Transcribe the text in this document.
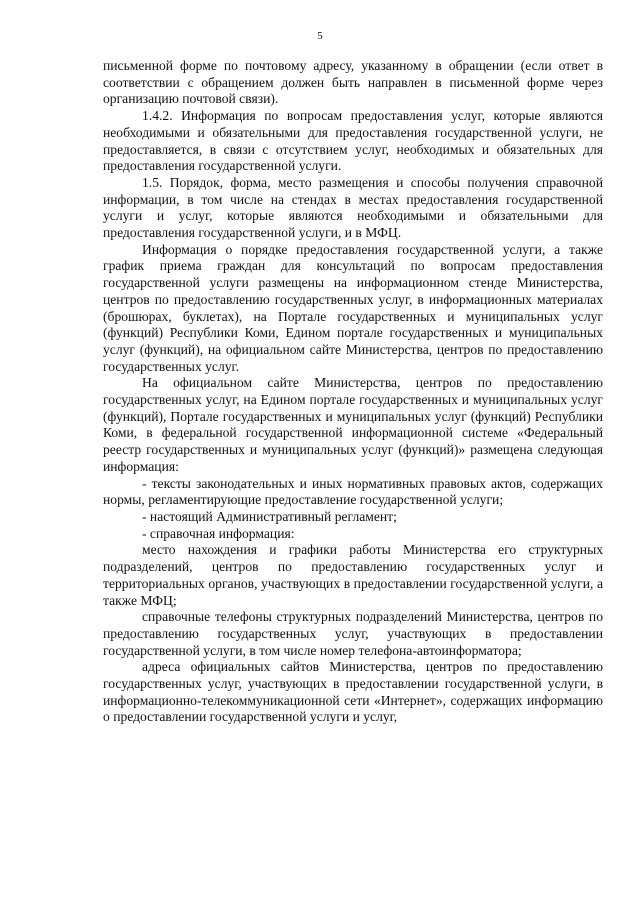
5

письменной форме по почтовому адресу, указанному в обращении (если ответ в соответствии с обращением должен быть направлен в письменной форме через организацию почтовой связи).

1.4.2. Информация по вопросам предоставления услуг, которые являются необходимыми и обязательными для предоставления государственной услуги, не предоставляется, в связи с отсутствием услуг, необходимых и обязательных для предоставления государственной услуги.

1.5. Порядок, форма, место размещения и способы получения справочной информации, в том числе на стендах в местах предоставления государственной услуги и услуг, которые являются необходимыми и обязательными для предоставления государственной услуги, и в МФЦ.

Информация о порядке предоставления государственной услуги, а также график приема граждан для консультаций по вопросам предоставления государственной услуги размещены на информационном стенде Министерства, центров по предоставлению государственных услуг, в информационных материалах (брошюрах, буклетах), на Портале государственных и муниципальных услуг (функций) Республики Коми, Едином портале государственных и муниципальных услуг (функций), на официальном сайте Министерства, центров по предоставлению государственных услуг.

На официальном сайте Министерства, центров по предоставлению государственных услуг, на Едином портале государственных и муниципальных услуг (функций), Портале государственных и муниципальных услуг (функций) Республики Коми, в федеральной государственной информационной системе «Федеральный реестр государственных и муниципальных услуг (функций)» размещена следующая информация:

- тексты законодательных и иных нормативных правовых актов, содержащих нормы, регламентирующие предоставление государственной услуги;

- настоящий Административный регламент;

- справочная информация:

место нахождения и графики работы Министерства его структурных подразделений, центров по предоставлению государственных услуг и территориальных органов, участвующих в предоставлении государственной услуги, а также МФЦ;

справочные телефоны структурных подразделений Министерства, центров по предоставлению государственных услуг, участвующих в предоставлении государственной услуги, в том числе номер телефона-автоинформатора;

адреса официальных сайтов Министерства, центров по предоставлению государственных услуг, участвующих в предоставлении государственной услуги, в информационно-телекоммуникационной сети «Интернет», содержащих информацию о предоставлении государственной услуги и услуг,
